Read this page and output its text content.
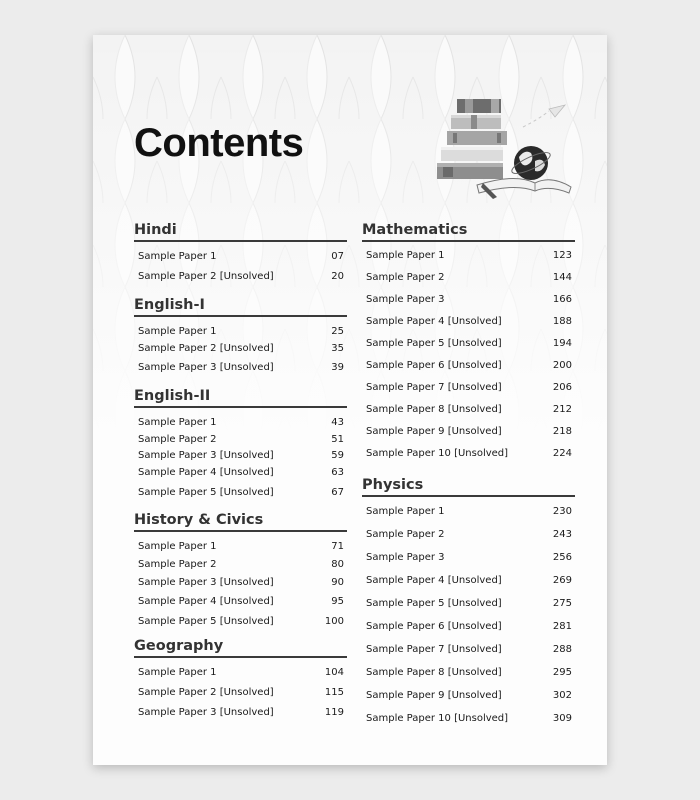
Contents
Hindi
Sample Paper 1	07
Sample Paper 2 [Unsolved]	20
English-I
Sample Paper 1	25
Sample Paper 2 [Unsolved]	35
Sample Paper 3 [Unsolved]	39
English-II
Sample Paper 1	43
Sample Paper 2	51
Sample Paper 3 [Unsolved]	59
Sample Paper 4 [Unsolved]	63
Sample Paper 5 [Unsolved]	67
History & Civics
Sample Paper 1	71
Sample Paper 2	80
Sample Paper 3 [Unsolved]	90
Sample Paper 4 [Unsolved]	95
Sample Paper 5 [Unsolved]	100
Geography
Sample Paper 1	104
Sample Paper 2 [Unsolved]	115
Sample Paper 3 [Unsolved]	119
Mathematics
Sample Paper 1	123
Sample Paper 2	144
Sample Paper 3	166
Sample Paper 4 [Unsolved]	188
Sample Paper 5 [Unsolved]	194
Sample Paper 6 [Unsolved]	200
Sample Paper 7 [Unsolved]	206
Sample Paper 8 [Unsolved]	212
Sample Paper 9 [Unsolved]	218
Sample Paper 10 [Unsolved]	224
Physics
Sample Paper 1	230
Sample Paper 2	243
Sample Paper 3	256
Sample Paper 4 [Unsolved]	269
Sample Paper 5 [Unsolved]	275
Sample Paper 6 [Unsolved]	281
Sample Paper 7 [Unsolved]	288
Sample Paper 8 [Unsolved]	295
Sample Paper 9 [Unsolved]	302
Sample Paper 10 [Unsolved]	309
